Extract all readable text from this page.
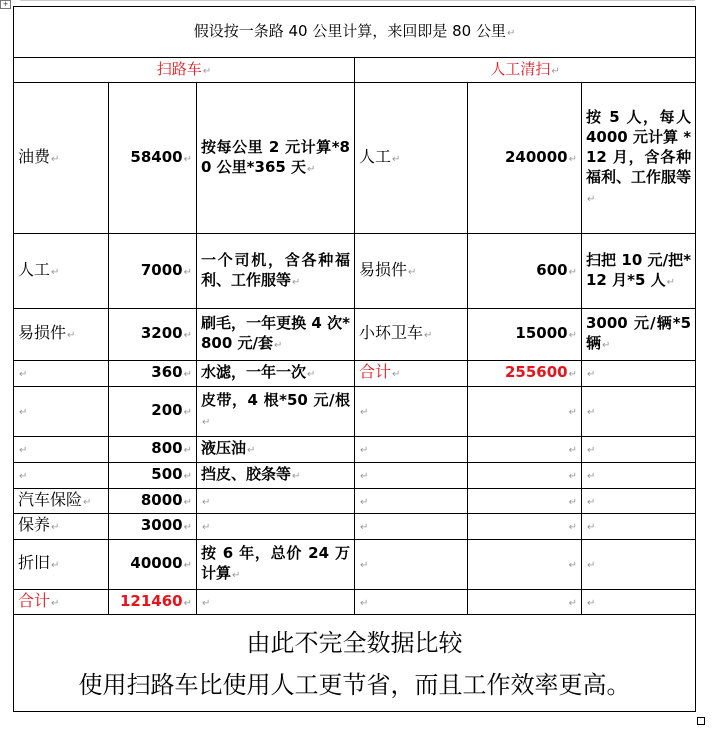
+
假设按一条路 40 公里计算，来回即是 80 公里↵					
扫路车↵			人工清扫↵		
油费↵	58400↵	按每公里 2 元计算*80 公里*365 天↵	人工↵	240000↵	按 5 人，每人 4000 元计算 *12 月，含各种福利、工作服等↵
人工↵	7000↵	一个司机，含各种福利、工作服等↵	易损件↵	600↵	扫把 10 元/把*12 月*5 人↵
易损件↵	3200↵	刷毛，一年更换 4 次*800 元/套↵	小环卫车↵	15000↵	3000 元/辆*5 辆↵
↵	360↵	水滤，一年一次↵	合计↵	255600↵	↵
↵	200↵	皮带，4 根*50 元/根↵	↵	↵	↵
↵	800↵	液压油↵	↵	↵	↵
↵	500↵	挡皮、胶条等↵	↵	↵	↵
汽车保险↵	8000↵	↵	↵	↵	↵
保养↵	3000↵	↵	↵	↵	↵
折旧↵	40000↵	按 6 年，总价 24 万计算↵	↵	↵	↵
合计↵	121460↵	↵	↵	↵	↵

由此不完全数据比较
使用扫路车比使用人工更节省，而且工作效率更高。					
